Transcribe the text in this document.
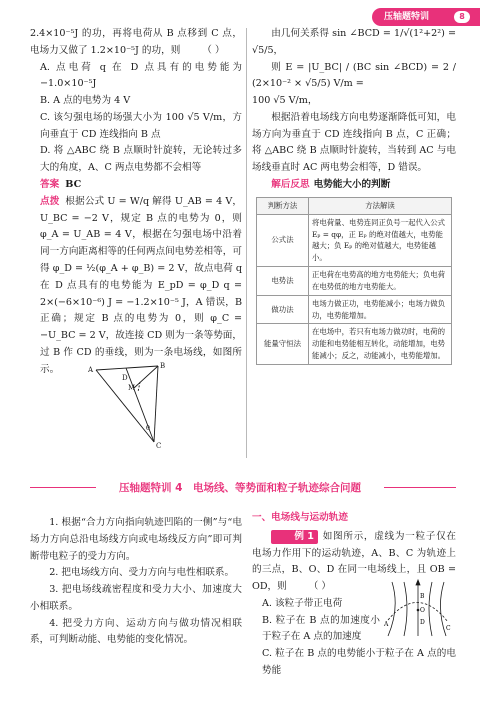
压轴题特训	8

2.4×10⁻⁵J 的功，再将电荷从 B 点移到 C 点，电场力又做了 1.2×10⁻⁵J 的功，则 （ ）

A. 点电荷 q 在 D 点具有的电势能为 −1.0×10⁻⁵J

B. A 点的电势为 4 V

C. 该匀强电场的场强大小为 100 √5 V/m，方向垂直于 CD 连线指向 B 点

D. 将 △ABC 绕 B 点顺时针旋转，无论转过多大的角度，A、C 两点电势都不会相等

答案 BC

点拨 根据公式 U = W/q 解得 U_AB = 4 V，U_BC = −2 V，规定 B 点的电势为 0，则 φ_A = U_AB = 4 V，根据在匀强电场中沿着同一方向距离相等的任何两点间电势差相等，可得 φ_D = ½(φ_A + φ_B) = 2 V，故点电荷 q 在 D 点具有的电势能为 E_pD = φ_D q = 2×(−6×10⁻⁶) J = −1.2×10⁻⁵ J，A 错误，B 正确；规定 B 点的电势为 0，则 φ_C = −U_BC = 2 V，故连接 CD 则为一条等势面，过 B 作 CD 的垂线，则为一条电场线，如图所示。	A	B
C
D
M
θ

由几何关系得 sin ∠BCD = 1/√(1²+2²) = √5/5，

则 E = |U_BC| / (BC sin ∠BCD) = 2 / (2×10⁻² × √5/5) V/m =

100 √5 V/m，

根据沿着电场线方向电势逐渐降低可知，电场方向为垂直于 CD 连线指向 B 点，C 正确；将 △ABC 绕 B 点顺时针旋转，当转到 AC 与电场线垂直时 AC 两电势会相等，D 错误。

解后反思 电势能大小的判断

判断方法	方法解读
公式法	将电荷量、电势连同正负号一起代入公式 Eₚ = qφ，正 Eₚ 的绝对值越大，电势能越大；负 Eₚ 的绝对值越大，电势能越小。
电势法	正电荷在电势高的地方电势能大；负电荷在电势低的地方电势能大。
做功法	电场力做正功，电势能减小；电场力做负功，电势能增加。
能量守恒法	在电场中，若只有电场力做功时，电荷的动能和电势能相互转化，动能增加，电势能减小；反之，动能减小，电势能增加。
压轴题特训 4　电场线、等势面和粒子轨迹综合问题

1. 根据“合力方向指向轨迹凹陷的一侧”与“电场力方向总沿电场线方向或电场线反方向”即可判断带电粒子的受力方向。

2. 把电场线方向、受力方向与电性相联系。

3. 把电场线疏密程度和受力大小、加速度大小相联系。

4. 把受力方向、运动方向与做功情况相联系，可判断动能、电势能的变化情况。

一、电场线与运动轨迹

例 1 如图所示，虚线为一粒子仅在电场力作用下的运动轨迹，A、B、C 为轨迹上的三点，B、O、D 在同一电场线上，且 OB = OD，则 （ ）

A. 该粒子带正电荷

B. 粒子在 B 点的加速度小于粒子在 A 点的加速度

C. 粒子在 B 点的电势能小于粒子在 A 点的电势能

A
B
C
D
O
